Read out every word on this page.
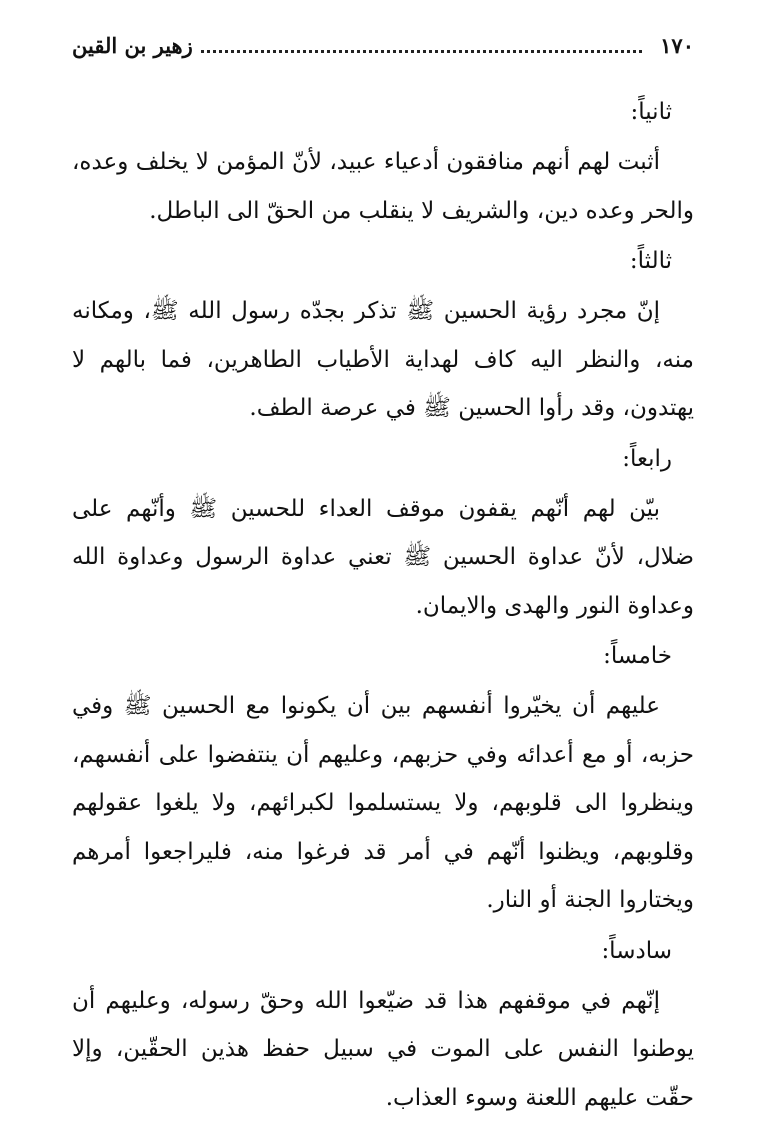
١٧٠
زهير بن القين
ثانياً:

أثبت لهم أنهم منافقون أدعياء عبيد، لأنّ المؤمن لا يخلف وعده، والحر وعده دين، والشريف لا ينقلب من الحقّ الى الباطل.

ثالثاً:

إنّ مجرد رؤية الحسين ﷺ تذكر بجدّه رسول الله ﷺ، ومكانه منه، والنظر اليه كاف لهداية الأطياب الطاهرين، فما بالهم لا يهتدون، وقد رأوا الحسين ﷺ في عرصة الطف.

رابعاً:

بيّن لهم أنّهم يقفون موقف العداء للحسين ﷺ وأنّهم على ضلال، لأنّ عداوة الحسين ﷺ تعني عداوة الرسول وعداوة الله وعداوة النور والهدى والايمان.

خامساً:

عليهم أن يخيّروا أنفسهم بين أن يكونوا مع الحسين ﷺ وفي حزبه، أو مع أعدائه وفي حزبهم، وعليهم أن ينتفضوا على أنفسهم، وينظروا الى قلوبهم، ولا يستسلموا لكبرائهم، ولا يلغوا عقولهم وقلوبهم، ويظنوا أنّهم في أمر قد فرغوا منه، فليراجعوا أمرهم ويختاروا الجنة أو النار.

سادساً:

إنّهم في موقفهم هذا قد ضيّعوا الله وحقّ رسوله، وعليهم أن يوطنوا النفس على الموت في سبيل حفظ هذين الحقّين، وإلا حقّت عليهم اللعنة وسوء العذاب.
